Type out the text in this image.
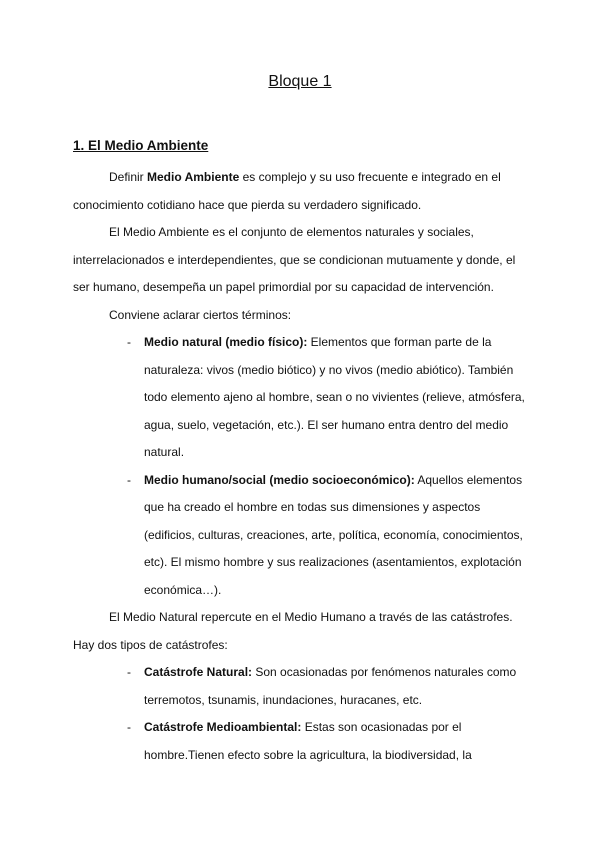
Bloque 1
1. El Medio Ambiente

Definir Medio Ambiente es complejo y su uso frecuente e integrado en el conocimiento cotidiano hace que pierda su verdadero significado.

El Medio Ambiente es el conjunto de elementos naturales y sociales, interrelacionados e interdependientes, que se condicionan mutuamente y donde, el ser humano, desempeña un papel primordial por su capacidad de intervención.

Conviene aclarar ciertos términos:

- Medio natural (medio físico): Elementos que forman parte de la naturaleza: vivos (medio biótico) y no vivos (medio abiótico). También todo elemento ajeno al hombre, sean o no vivientes (relieve, atmósfera, agua, suelo, vegetación, etc.). El ser humano entra dentro del medio natural.
- Medio humano/social (medio socioeconómico): Aquellos elementos que ha creado el hombre en todas sus dimensiones y aspectos (edificios, culturas, creaciones, arte, política, economía, conocimientos, etc). El mismo hombre y sus realizaciones (asentamientos, explotación económica…).

El Medio Natural repercute en el Medio Humano a través de las catástrofes.

Hay dos tipos de catástrofes:

- Catástrofe Natural: Son ocasionadas por fenómenos naturales como terremotos, tsunamis, inundaciones, huracanes, etc.
- Catástrofe Medioambiental: Estas son ocasionadas por el hombre.Tienen efecto sobre la agricultura, la biodiversidad, la
